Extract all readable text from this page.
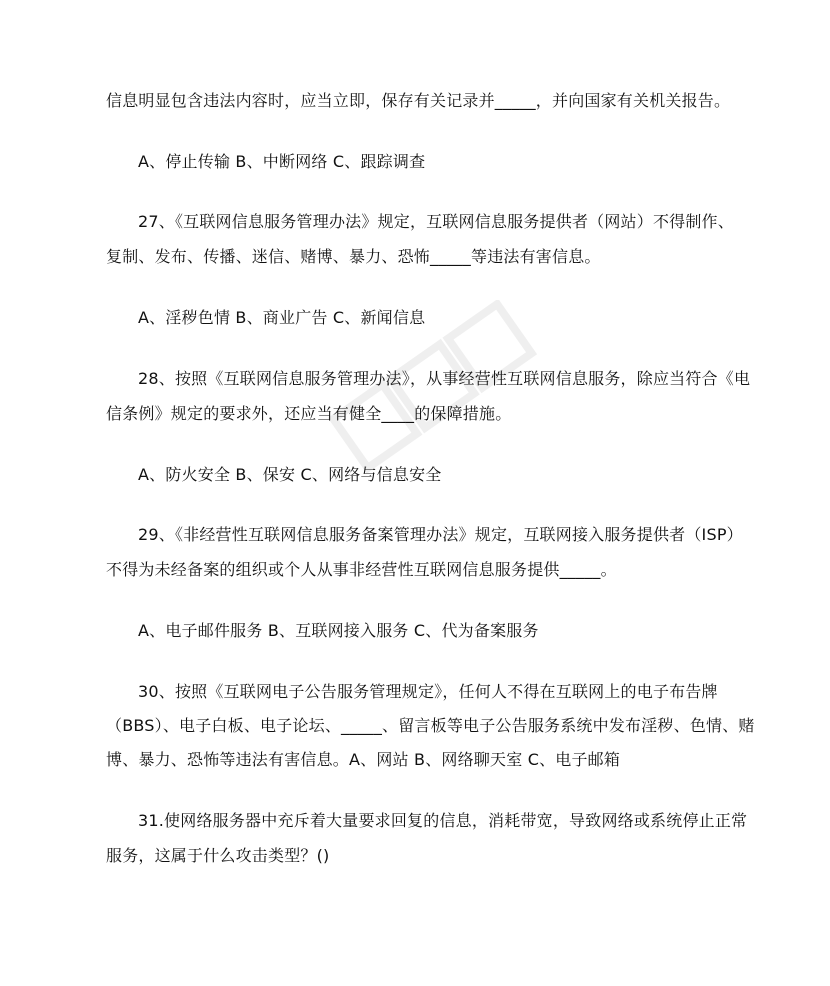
信息明显包含违法内容时，应当立即，保存有关记录并_____，并向国家有关机关报告。
A、停止传输 B、中断网络 C、跟踪调查
27、《互联网信息服务管理办法》规定，互联网信息服务提供者（网站）不得制作、
复制、发布、传播、迷信、赌博、暴力、恐怖_____等违法有害信息。
A、淫秽色情 B、商业广告 C、新闻信息
28、按照《互联网信息服务管理办法》，从事经营性互联网信息服务，除应当符合《电
信条例》规定的要求外，还应当有健全____的保障措施。
A、防火安全 B、保安 C、网络与信息安全
29、《非经营性互联网信息服务备案管理办法》规定，互联网接入服务提供者（ISP）
不得为未经备案的组织或个人从事非经营性互联网信息服务提供_____。
A、电子邮件服务 B、互联网接入服务 C、代为备案服务
30、按照《互联网电子公告服务管理规定》，任何人不得在互联网上的电子布告牌
（BBS）、电子白板、电子论坛、_____、留言板等电子公告服务系统中发布淫秽、色情、赌
博、暴力、恐怖等违法有害信息。A、网站 B、网络聊天室 C、电子邮箱
31.使网络服务器中充斥着大量要求回复的信息，消耗带宽，导致网络或系统停止正常
服务，这属于什么攻击类型？()
